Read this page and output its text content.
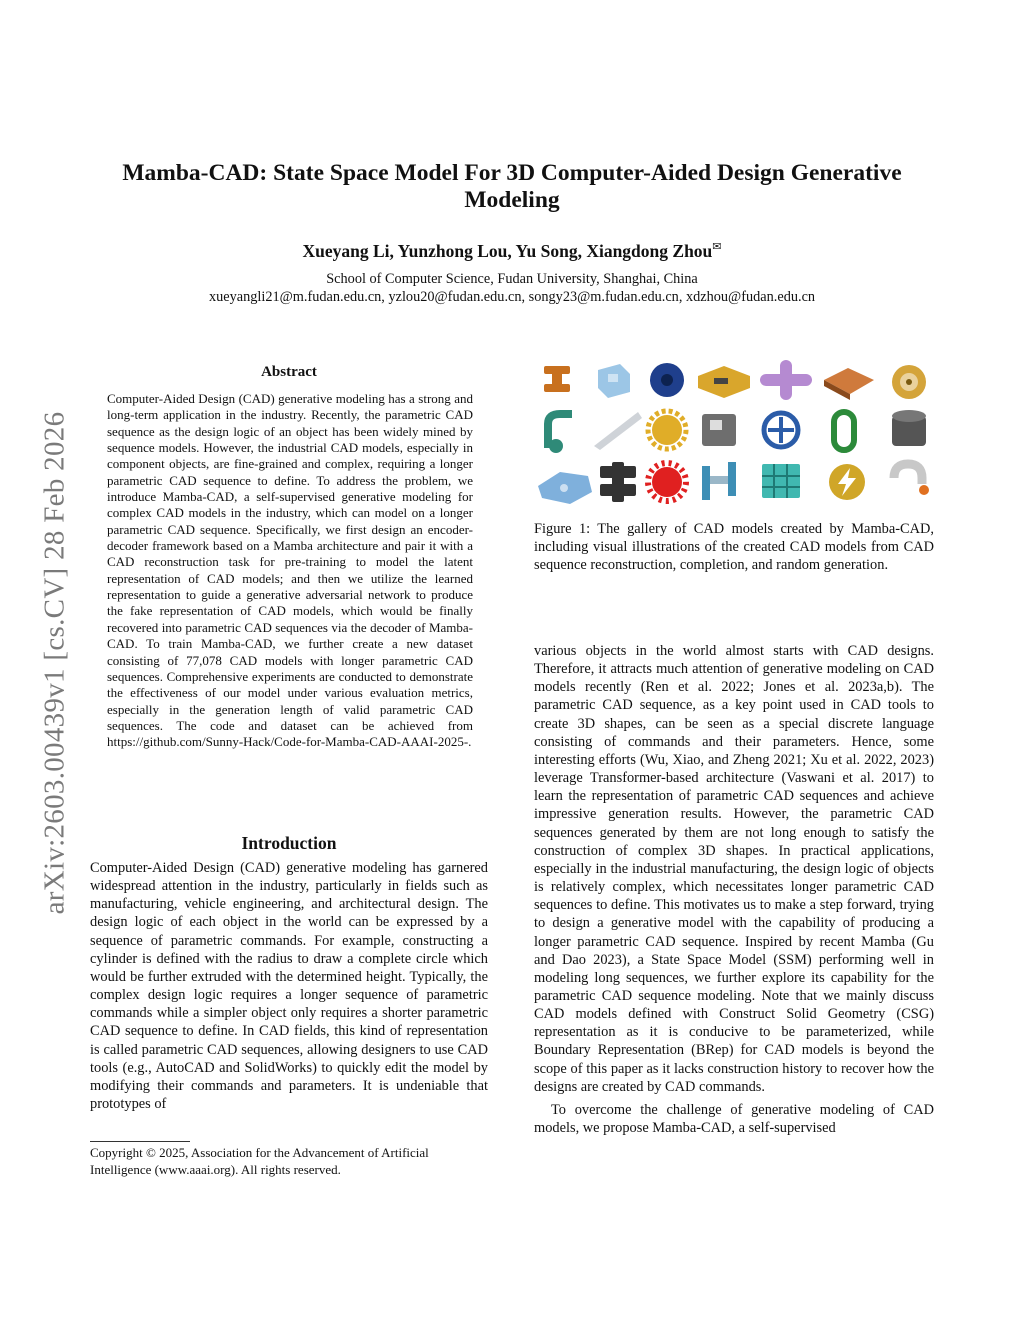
arXiv:2603.00439v1 [cs.CV] 28 Feb 2026
Mamba-CAD: State Space Model For 3D Computer-Aided Design Generative Modeling
Xueyang Li, Yunzhong Lou, Yu Song, Xiangdong Zhou✉
School of Computer Science, Fudan University, Shanghai, China
xueyangli21@m.fudan.edu.cn, yzlou20@fudan.edu.cn, songy23@m.fudan.edu.cn, xdzhou@fudan.edu.cn
Abstract
Computer-Aided Design (CAD) generative modeling has a strong and long-term application in the industry. Recently, the parametric CAD sequence as the design logic of an object has been widely mined by sequence models. However, the industrial CAD models, especially in component objects, are fine-grained and complex, requiring a longer parametric CAD sequence to define. To address the problem, we introduce Mamba-CAD, a self-supervised generative modeling for complex CAD models in the industry, which can model on a longer parametric CAD sequence. Specifically, we first design an encoder-decoder framework based on a Mamba architecture and pair it with a CAD reconstruction task for pre-training to model the latent representation of CAD models; and then we utilize the learned representation to guide a generative adversarial network to produce the fake representation of CAD models, which would be finally recovered into parametric CAD sequences via the decoder of Mamba-CAD. To train Mamba-CAD, we further create a new dataset consisting of 77,078 CAD models with longer parametric CAD sequences. Comprehensive experiments are conducted to demonstrate the effectiveness of our model under various evaluation metrics, especially in the generation length of valid parametric CAD sequences. The code and dataset can be achieved from https://github.com/Sunny-Hack/Code-for-Mamba-CAD-AAAI-2025-.
Introduction
Computer-Aided Design (CAD) generative modeling has garnered widespread attention in the industry, particularly in fields such as manufacturing, vehicle engineering, and architectural design. The design logic of each object in the world can be expressed by a sequence of parametric commands. For example, constructing a cylinder is defined with the radius to draw a complete circle which would be further extruded with the determined height. Typically, the complex design logic requires a longer sequence of parametric commands while a simpler object only requires a shorter parametric CAD sequence to define. In CAD fields, this kind of representation is called parametric CAD sequences, allowing designers to use CAD tools (e.g., AutoCAD and SolidWorks) to quickly edit the model by modifying their commands and parameters. It is undeniable that prototypes of
Copyright © 2025, Association for the Advancement of Artificial Intelligence (www.aaai.org). All rights reserved.
Figure 1: The gallery of CAD models created by Mamba-CAD, including visual illustrations of the created CAD models from CAD sequence reconstruction, completion, and random generation.

various objects in the world almost starts with CAD designs. Therefore, it attracts much attention of generative modeling on CAD models recently (Ren et al. 2022; Jones et al. 2023a,b). The parametric CAD sequence, as a key point used in CAD tools to create 3D shapes, can be seen as a special discrete language consisting of commands and their parameters. Hence, some interesting efforts (Wu, Xiao, and Zheng 2021; Xu et al. 2022, 2023) leverage Transformer-based architecture (Vaswani et al. 2017) to learn the representation of parametric CAD sequences and achieve impressive generation results. However, the parametric CAD sequences generated by them are not long enough to satisfy the construction of complex 3D shapes. In practical applications, especially in the industrial manufacturing, the design logic of objects is relatively complex, which necessitates longer parametric CAD sequences to define. This motivates us to make a step forward, trying to design a generative model with the capability of producing a longer parametric CAD sequence. Inspired by recent Mamba (Gu and Dao 2023), a State Space Model (SSM) performing well in modeling long sequences, we further explore its capability for the parametric CAD sequence modeling. Note that we mainly discuss CAD models defined with Construct Solid Geometry (CSG) representation as it is conducive to be parameterized, while Boundary Representation (BRep) for CAD models is beyond the scope of this paper as it lacks construction history to recover how the designs are created by CAD commands.

To overcome the challenge of generative modeling of CAD models, we propose Mamba-CAD, a self-supervised
